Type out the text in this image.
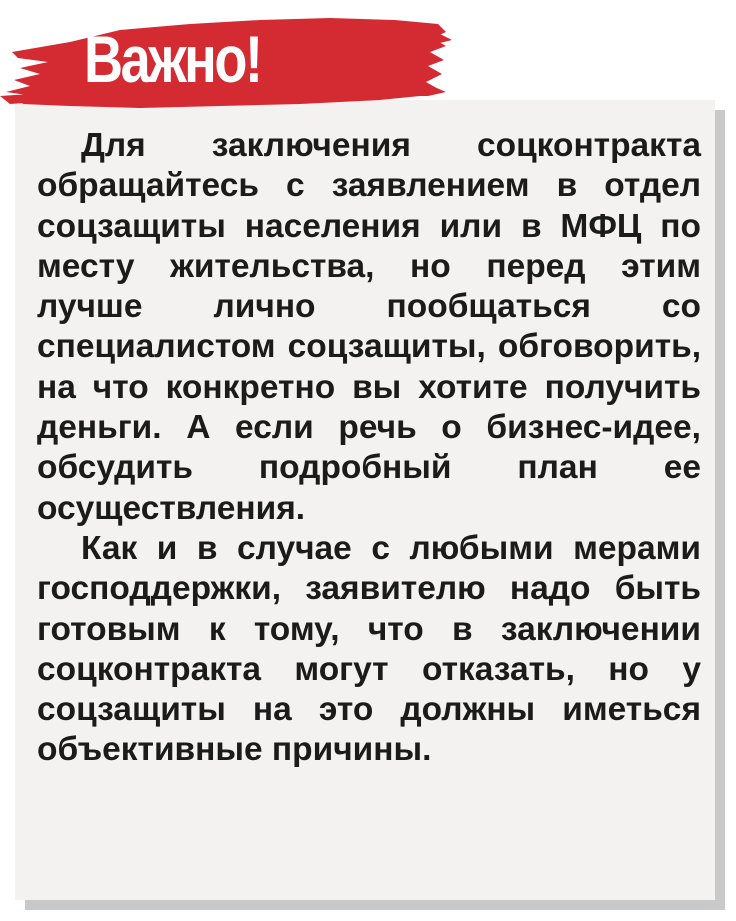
Важно!

Для заключения соцконтракта обращайтесь с заявлением в отдел соцзащиты населения или в МФЦ по месту жительства, но перед этим лучше лично пообщаться со специалистом соцзащиты, обговорить, на что конкретно вы хотите получить деньги. А если речь о бизнес-идее, обсудить подробный план ее осуществления.

Как и в случае с любыми мерами господдержки, заявителю надо быть готовым к тому, что в заключении соцконтракта могут отказать, но у соцзащиты на это должны иметься объективные причины.
